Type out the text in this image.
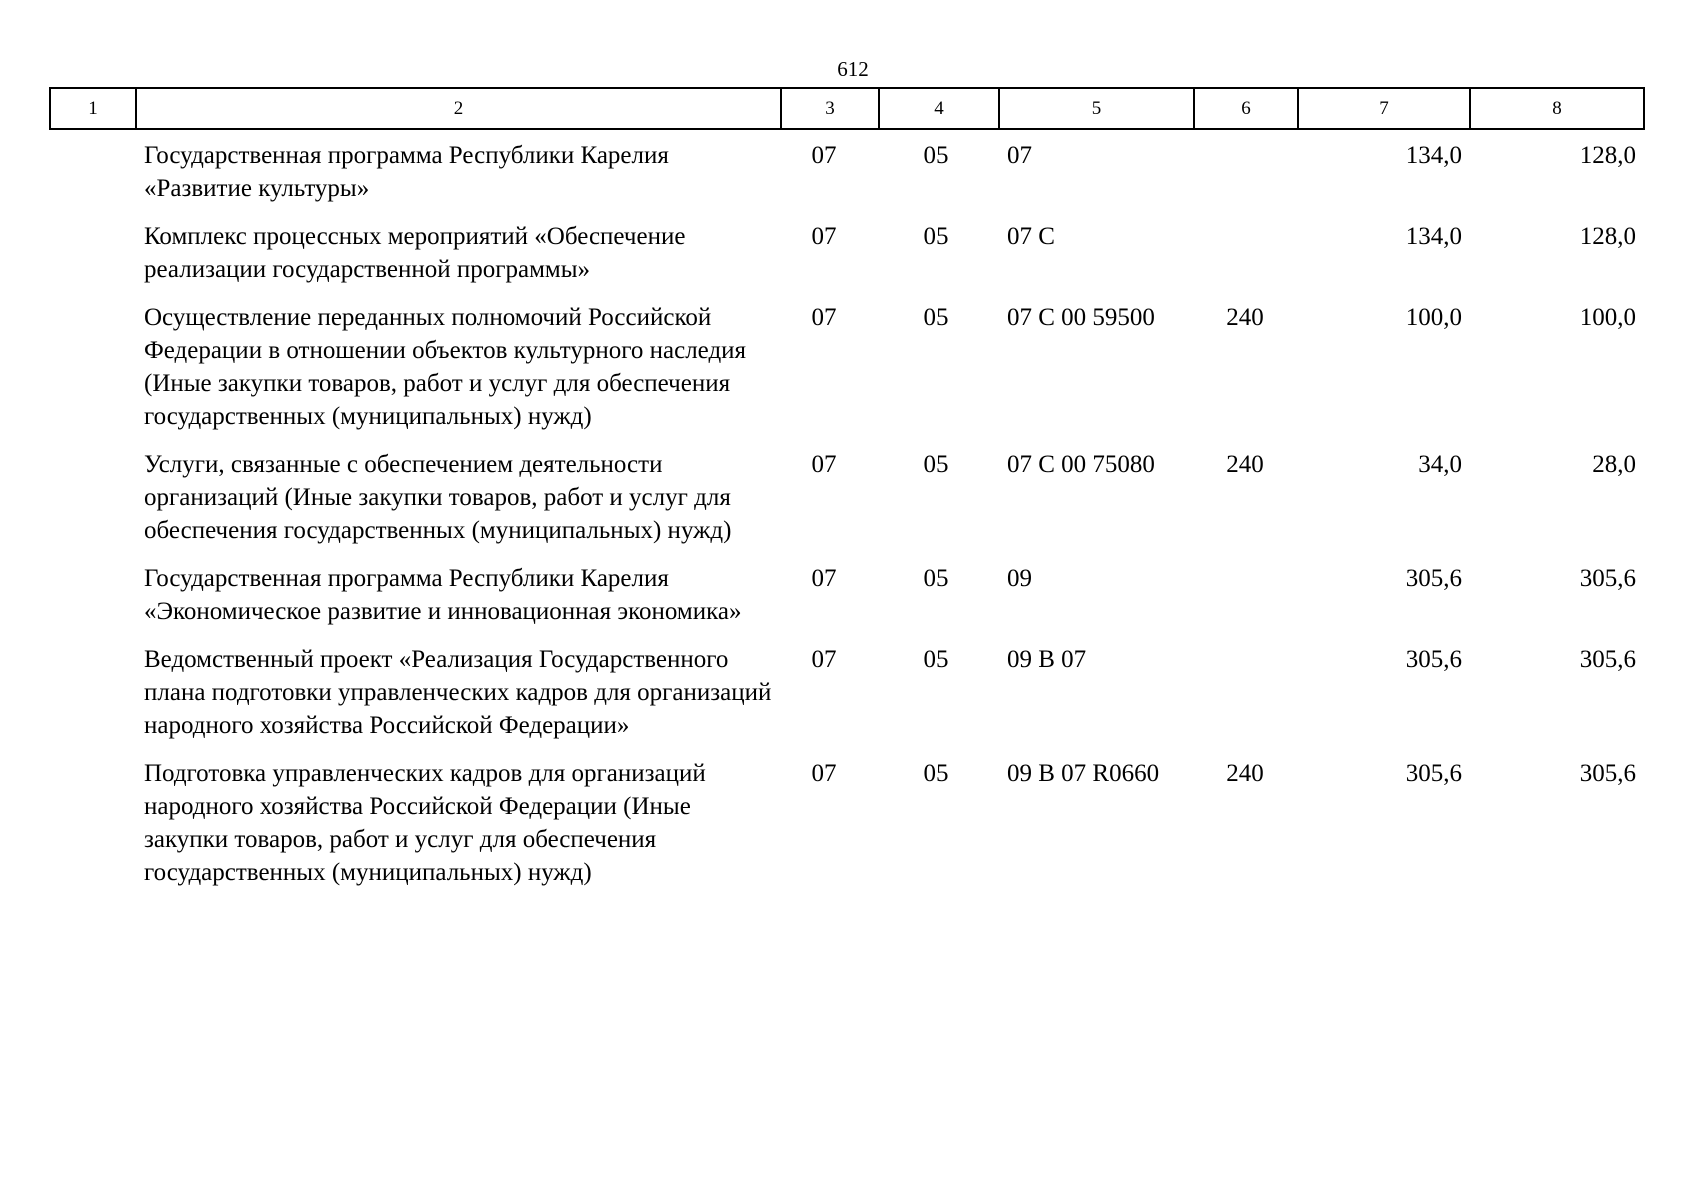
612
1	2	3	4	5	6	7	8
	Государственная программа Республики Карелия «Развитие культуры»	07	05	07		134,0	128,0
	Комплекс процессных мероприятий «Обеспечение реализации государственной программы»	07	05	07 С		134,0	128,0
	Осуществление переданных полномочий Российской Федерации в отношении объектов культурного наследия (Иные закупки товаров, работ и услуг для обеспечения государственных (муниципальных) нужд)	07	05	07 С 00 59500	240	100,0	100,0
	Услуги, связанные с обеспечением деятельности организаций (Иные закупки товаров, работ и услуг для обеспечения государственных (муниципальных) нужд)	07	05	07 С 00 75080	240	34,0	28,0
	Государственная программа Республики Карелия «Экономическое развитие и инновационная экономика»	07	05	09		305,6	305,6
	Ведомственный проект «Реализация Государственного плана подготовки управленческих кадров для организаций народного хозяйства Российской Федерации»	07	05	09 В 07		305,6	305,6
	Подготовка управленческих кадров для организаций народного хозяйства Российской Федерации (Иные закупки товаров, работ и услуг для обеспечения государственных (муниципальных) нужд)	07	05	09 В 07 R0660	240	305,6	305,6
